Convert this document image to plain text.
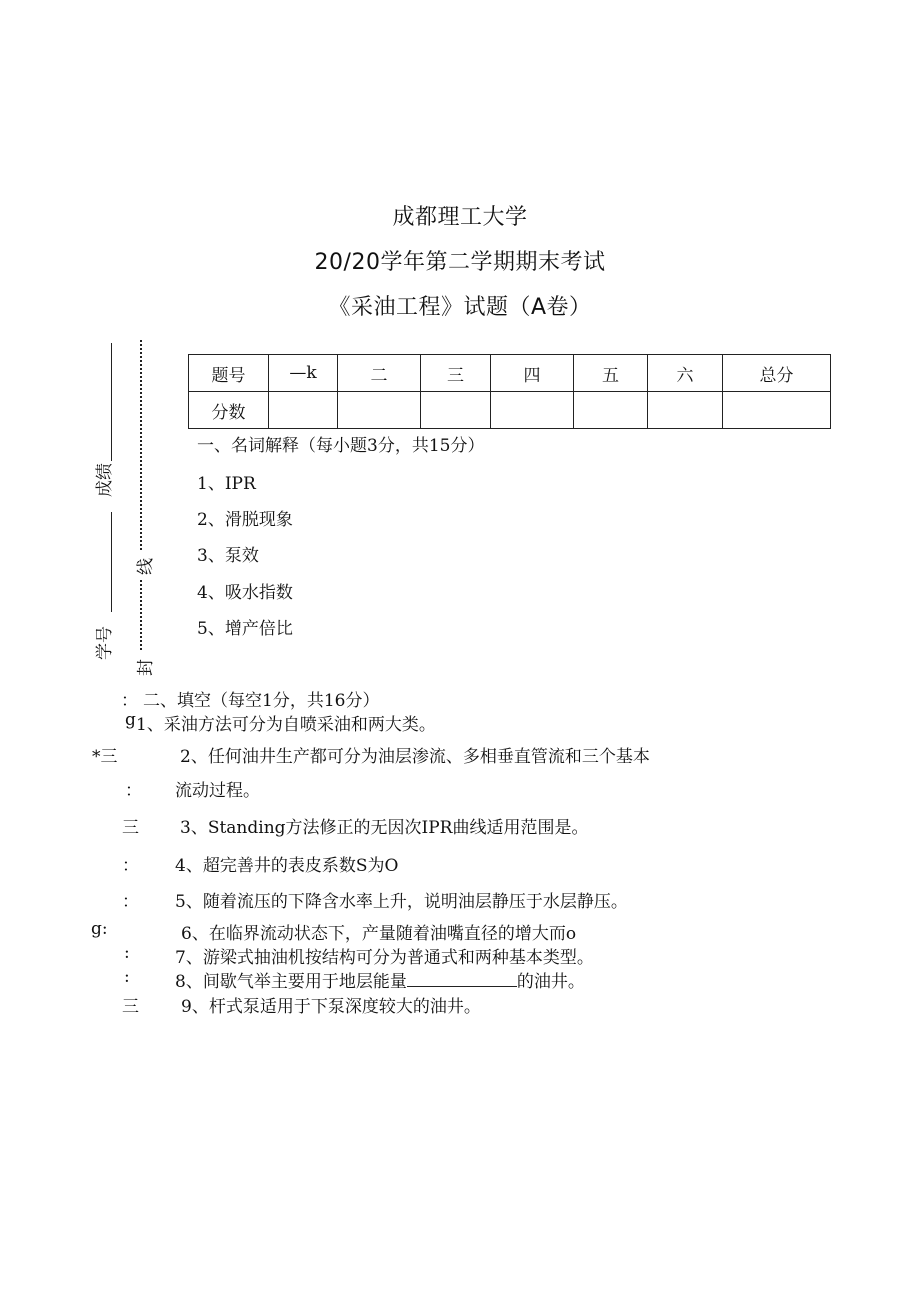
成都理工大学
20/20学年第二学期期末考试
《采油工程》试题（A卷）
成绩
学号
线
封
题号	—k	二	三	四	五	六	总分
分数							
一、名词解释（每小题3分，共15分）
1、IPR
2、滑脱现象
3、泵效
4、吸水指数
5、增产倍比
： 二、填空（每空1分，共16分）
g 1、采油方法可分为自喷采油和两大类。
*三	2、任何油井生产都可分为油层渗流、多相垂直管流和三个基本
： 流动过程。
三 3、Standing方法修正的无因次IPR曲线适用范围是。
： 4、超完善井的表皮系数S为O
： 5、随着流压的下降含水率上升，说明油层静压于水层静压。
g:	6、在临界流动状态下，产量随着油嘴直径的增大而o
:	7、游梁式抽油机按结构可分为普通式和两种基本类型。
:	8、间歇气举主要用于地层能量	的油井。
三 9、杆式泵适用于下泵深度较大的油井。
